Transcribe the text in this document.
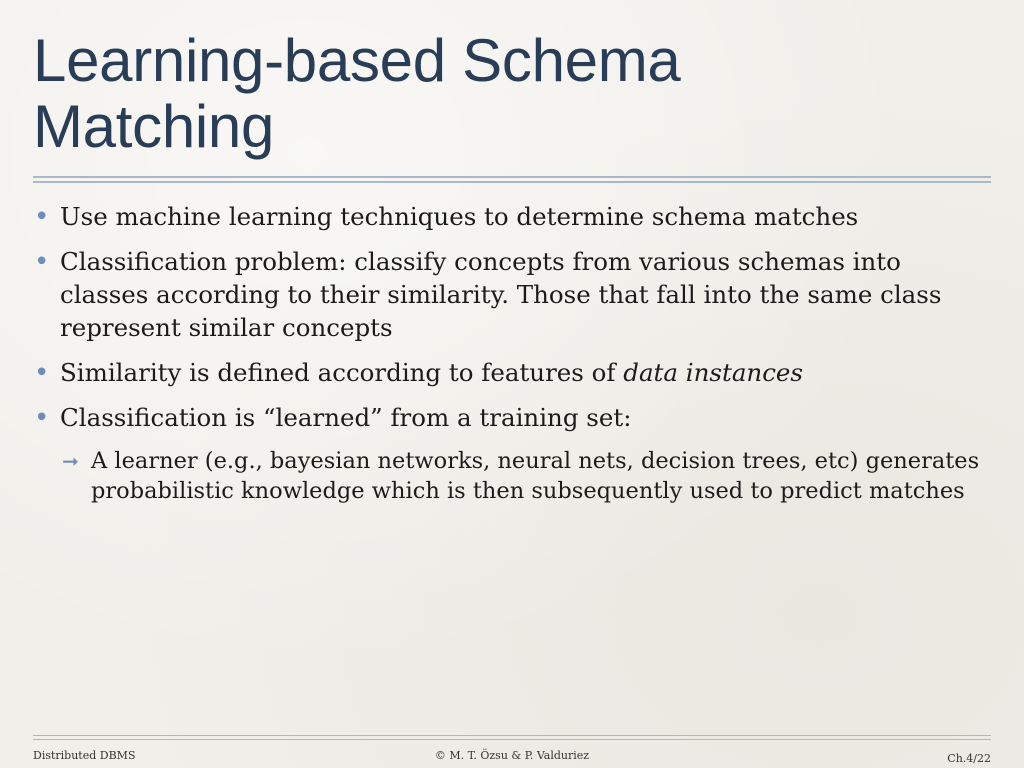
Learning-based Schema
Matching
• Use machine learning techniques to determine schema matches
• Classification problem: classify concepts from various schemas into classes according to their similarity. Those that fall into the same class represent similar concepts
• Similarity is defined according to features of data instances
• Classification is “learned” from a training set:
➞ A learner (e.g., bayesian networks, neural nets, decision trees, etc) generates probabilistic knowledge which is then subsequently used to predict matches
Distributed DBMS	© M. T. Özsu & P. Valduriez	Ch.4/22
